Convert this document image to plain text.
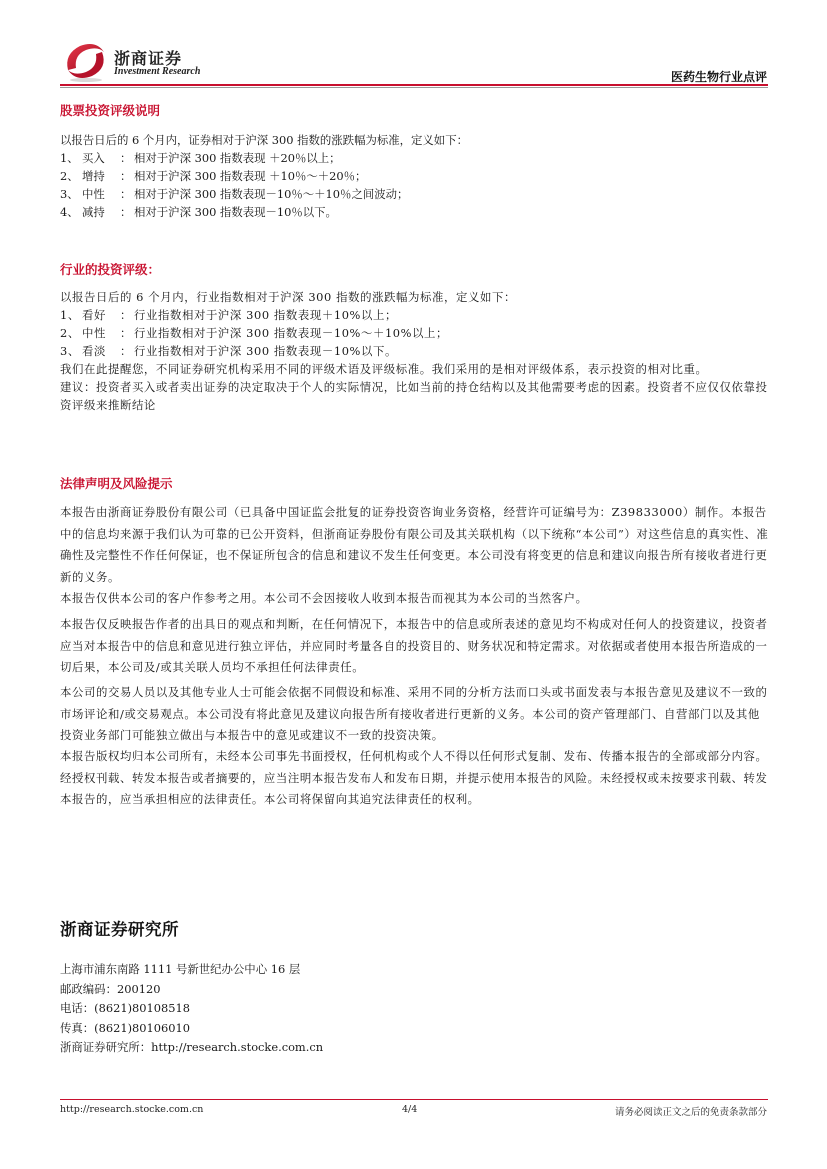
浙商证券
Investment Research	医药生物行业点评
股票投资评级说明
以报告日后的 6 个月内，证券相对于沪深 300 指数的涨跌幅为标准，定义如下：
1、 买入 ： 相对于沪深 300 指数表现 ＋20％以上；
2、 增持 ： 相对于沪深 300 指数表现 ＋10％～＋20％；
3、 中性 ： 相对于沪深 300 指数表现－10％～＋10％之间波动；
4、 减持 ： 相对于沪深 300 指数表现－10％以下。
行业的投资评级：
以报告日后的 6 个月内，行业指数相对于沪深 300 指数的涨跌幅为标准，定义如下：
1、 看好 ： 行业指数相对于沪深 300 指数表现＋10%以上；
2、 中性 ： 行业指数相对于沪深 300 指数表现－10%～＋10%以上；
3、 看淡 ： 行业指数相对于沪深 300 指数表现－10%以下。
我们在此提醒您，不同证券研究机构采用不同的评级术语及评级标准。我们采用的是相对评级体系，表示投资的相对比重。
建议：投资者买入或者卖出证券的决定取决于个人的实际情况，比如当前的持仓结构以及其他需要考虑的因素。投资者不应仅仅依靠投资评级来推断结论
法律声明及风险提示
本报告由浙商证券股份有限公司（已具备中国证监会批复的证券投资咨询业务资格，经营许可证编号为：Z39833000）制作。本报告中的信息均来源于我们认为可靠的已公开资料，但浙商证券股份有限公司及其关联机构（以下统称“本公司”）对这些信息的真实性、准确性及完整性不作任何保证，也不保证所包含的信息和建议不发生任何变更。本公司没有将变更的信息和建议向报告所有接收者进行更新的义务。
本报告仅供本公司的客户作参考之用。本公司不会因接收人收到本报告而视其为本公司的当然客户。
本报告仅反映报告作者的出具日的观点和判断，在任何情况下，本报告中的信息或所表述的意见均不构成对任何人的投资建议，投资者应当对本报告中的信息和意见进行独立评估，并应同时考量各自的投资目的、财务状况和特定需求。对依据或者使用本报告所造成的一切后果，本公司及/或其关联人员均不承担任何法律责任。
本公司的交易人员以及其他专业人士可能会依据不同假设和标准、采用不同的分析方法而口头或书面发表与本报告意见及建议不一致的市场评论和/或交易观点。本公司没有将此意见及建议向报告所有接收者进行更新的义务。本公司的资产管理部门、自营部门以及其他投资业务部门可能独立做出与本报告中的意见或建议不一致的投资决策。
本报告版权均归本公司所有，未经本公司事先书面授权，任何机构或个人不得以任何形式复制、发布、传播本报告的全部或部分内容。经授权刊载、转发本报告或者摘要的，应当注明本报告发布人和发布日期，并提示使用本报告的风险。未经授权或未按要求刊载、转发本报告的，应当承担相应的法律责任。本公司将保留向其追究法律责任的权利。
浙商证券研究所
上海市浦东南路 1111 号新世纪办公中心 16 层
邮政编码：200120
电话：(8621)80108518
传真：(8621)80106010
浙商证券研究所：http://research.stocke.com.cn
http://research.stocke.com.cn	4/4	请务必阅读正文之后的免责条款部分
